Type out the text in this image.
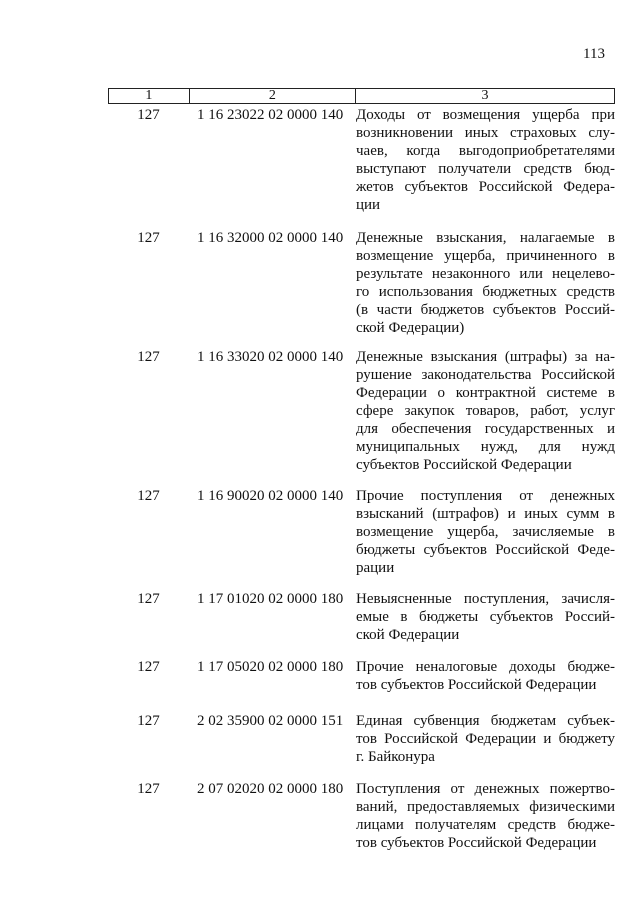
113
1	2	3
127	1 16 23022 02 0000 140 Доходы от возмещения ущерба при
возникновении иных страховых слу-
чаев, когда выгодоприобретателями
выступают получатели средств бюд-
жетов субъектов Российской Федера-
ции
127	1 16 32000 02 0000 140 Денежные взыскания, налагаемые в
возмещение ущерба, причиненного в
результате незаконного или нецелево-
го использования бюджетных средств
(в части бюджетов субъектов Россий-
ской Федерации)
127	1 16 33020 02 0000 140 Денежные взыскания (штрафы) за на-
рушение законодательства Российской
Федерации о контрактной системе в
сфере закупок товаров, работ, услуг
для обеспечения государственных и
муниципальных нужд, для нужд
субъектов Российской Федерации
127	1 16 90020 02 0000 140 Прочие поступления от денежных
взысканий (штрафов) и иных сумм в
возмещение ущерба, зачисляемые в
бюджеты субъектов Российской Феде-
рации
127	1 17 01020 02 0000 180 Невыясненные поступления, зачисля-
емые в бюджеты субъектов Россий-
ской Федерации
127	1 17 05020 02 0000 180 Прочие неналоговые доходы бюдже-
тов субъектов Российской Федерации
127	2 02 35900 02 0000 151 Единая субвенция бюджетам субъек-
тов Российской Федерации и бюджету
г. Байконура
127	2 07 02020 02 0000 180 Поступления от денежных пожертво-
ваний, предоставляемых физическими
лицами получателям средств бюдже-
тов субъектов Российской Федерации
